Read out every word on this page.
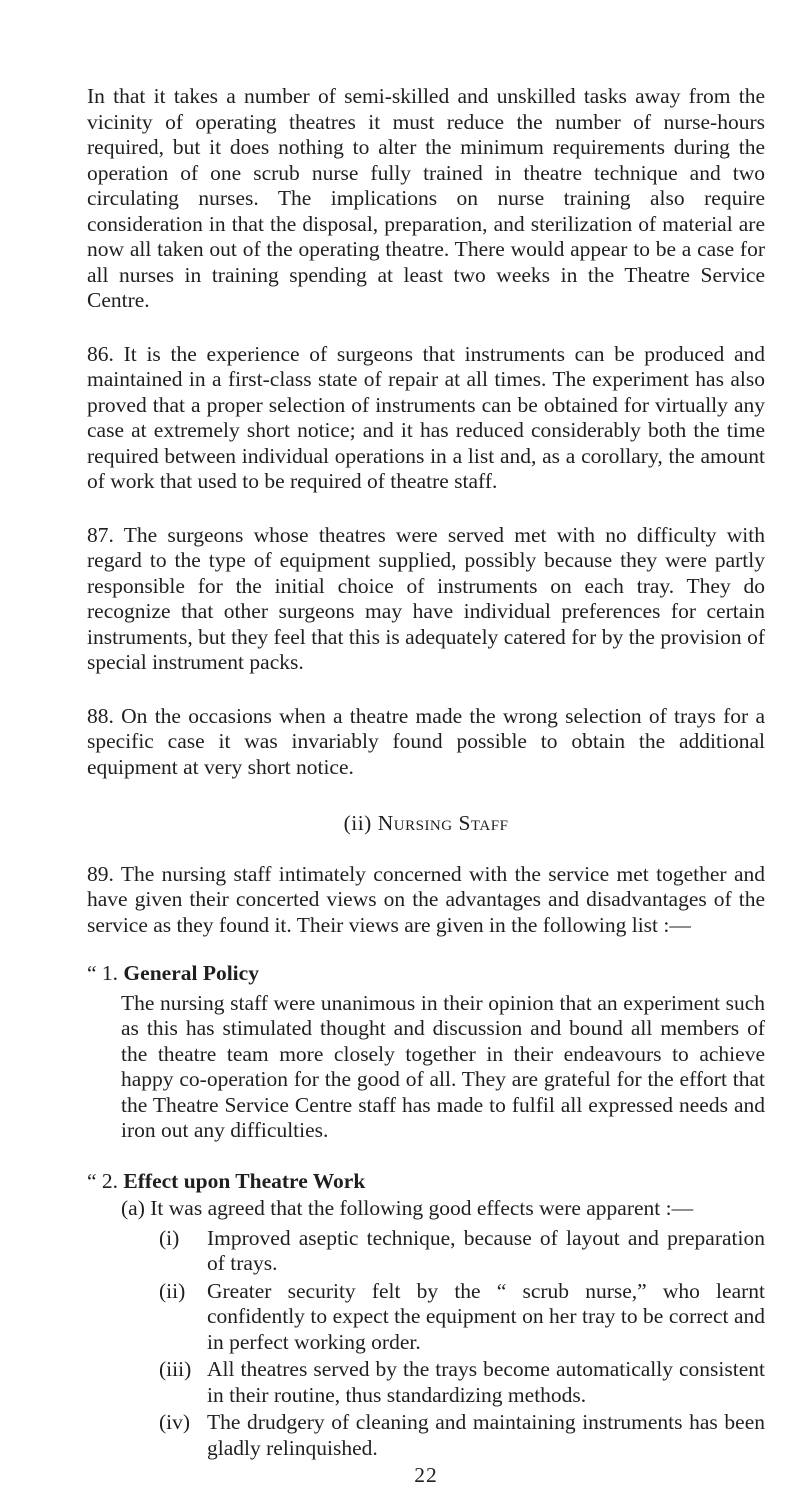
In that it takes a number of semi-skilled and unskilled tasks away from the vicinity of operating theatres it must reduce the number of nurse-hours required, but it does nothing to alter the minimum requirements during the operation of one scrub nurse fully trained in theatre technique and two circulating nurses. The implications on nurse training also require consideration in that the disposal, preparation, and sterilization of material are now all taken out of the operating theatre. There would appear to be a case for all nurses in training spending at least two weeks in the Theatre Service Centre.

86. It is the experience of surgeons that instruments can be produced and maintained in a first-class state of repair at all times. The experiment has also proved that a proper selection of instruments can be obtained for virtually any case at extremely short notice; and it has reduced considerably both the time required between individual operations in a list and, as a corollary, the amount of work that used to be required of theatre staff.

87. The surgeons whose theatres were served met with no difficulty with regard to the type of equipment supplied, possibly because they were partly responsible for the initial choice of instruments on each tray. They do recognize that other surgeons may have individual preferences for certain instruments, but they feel that this is adequately catered for by the provision of special instrument packs.

88. On the occasions when a theatre made the wrong selection of trays for a specific case it was invariably found possible to obtain the additional equipment at very short notice.

(ii) Nursing Staff

89. The nursing staff intimately concerned with the service met together and have given their concerted views on the advantages and disadvantages of the service as they found it. Their views are given in the following list :—

“ 1. General Policy

The nursing staff were unanimous in their opinion that an experiment such as this has stimulated thought and discussion and bound all members of the theatre team more closely together in their endeavours to achieve happy co-operation for the good of all. They are grateful for the effort that the Theatre Service Centre staff has made to fulfil all expressed needs and iron out any difficulties.

“ 2. Effect upon Theatre Work

(a) It was agreed that the following good effects were apparent :—

(i)	Improved aseptic technique, because of layout and preparation of trays.
(ii)	Greater security felt by the “ scrub nurse,” who learnt confidently to expect the equipment on her tray to be correct and in perfect working order.
(iii) All theatres served by the trays become automatically consistent in their routine, thus standardizing methods.
(iv) The drudgery of cleaning and maintaining instruments has been gladly relinquished.
22
